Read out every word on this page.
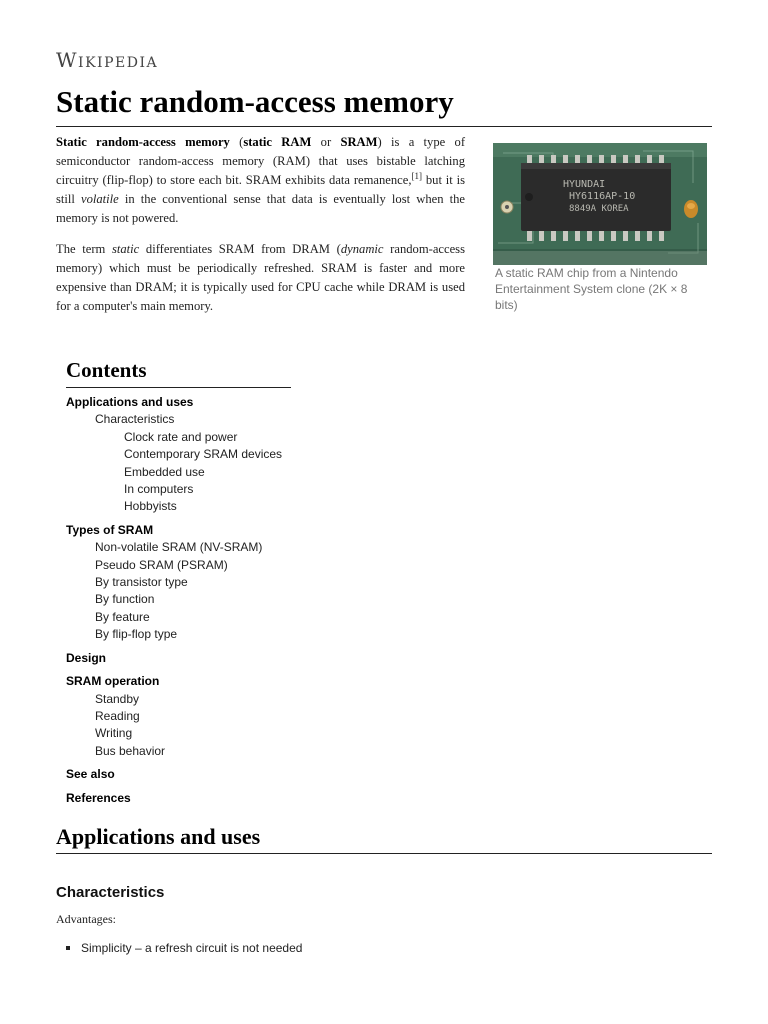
Wikipedia
Static random-access memory

Static random-access memory (static RAM or SRAM) is a type of semiconductor random-access memory (RAM) that uses bistable latching circuitry (flip-flop) to store each bit. SRAM exhibits data remanence,[1] but it is still volatile in the conventional sense that data is eventually lost when the memory is not powered.

The term static differentiates SRAM from DRAM (dynamic random-access memory) which must be periodically refreshed. SRAM is faster and more expensive than DRAM; it is typically used for CPU cache while DRAM is used for a computer's main memory.

HYUNDAI
HY6116AP-10
8849A KOREA
A static RAM chip from a Nintendo Entertainment System clone (2K × 8 bits)
Contents
Applications and uses
Characteristics
Clock rate and power
Contemporary SRAM devices
Embedded use
In computers
Hobbyists
Types of SRAM
Non-volatile SRAM (NV-SRAM)
Pseudo SRAM (PSRAM)
By transistor type
By function
By feature
By flip-flop type
Design
SRAM operation
Standby
Reading
Writing
Bus behavior
See also
References
Applications and uses
Characteristics
Advantages:
Simplicity – a refresh circuit is not needed
